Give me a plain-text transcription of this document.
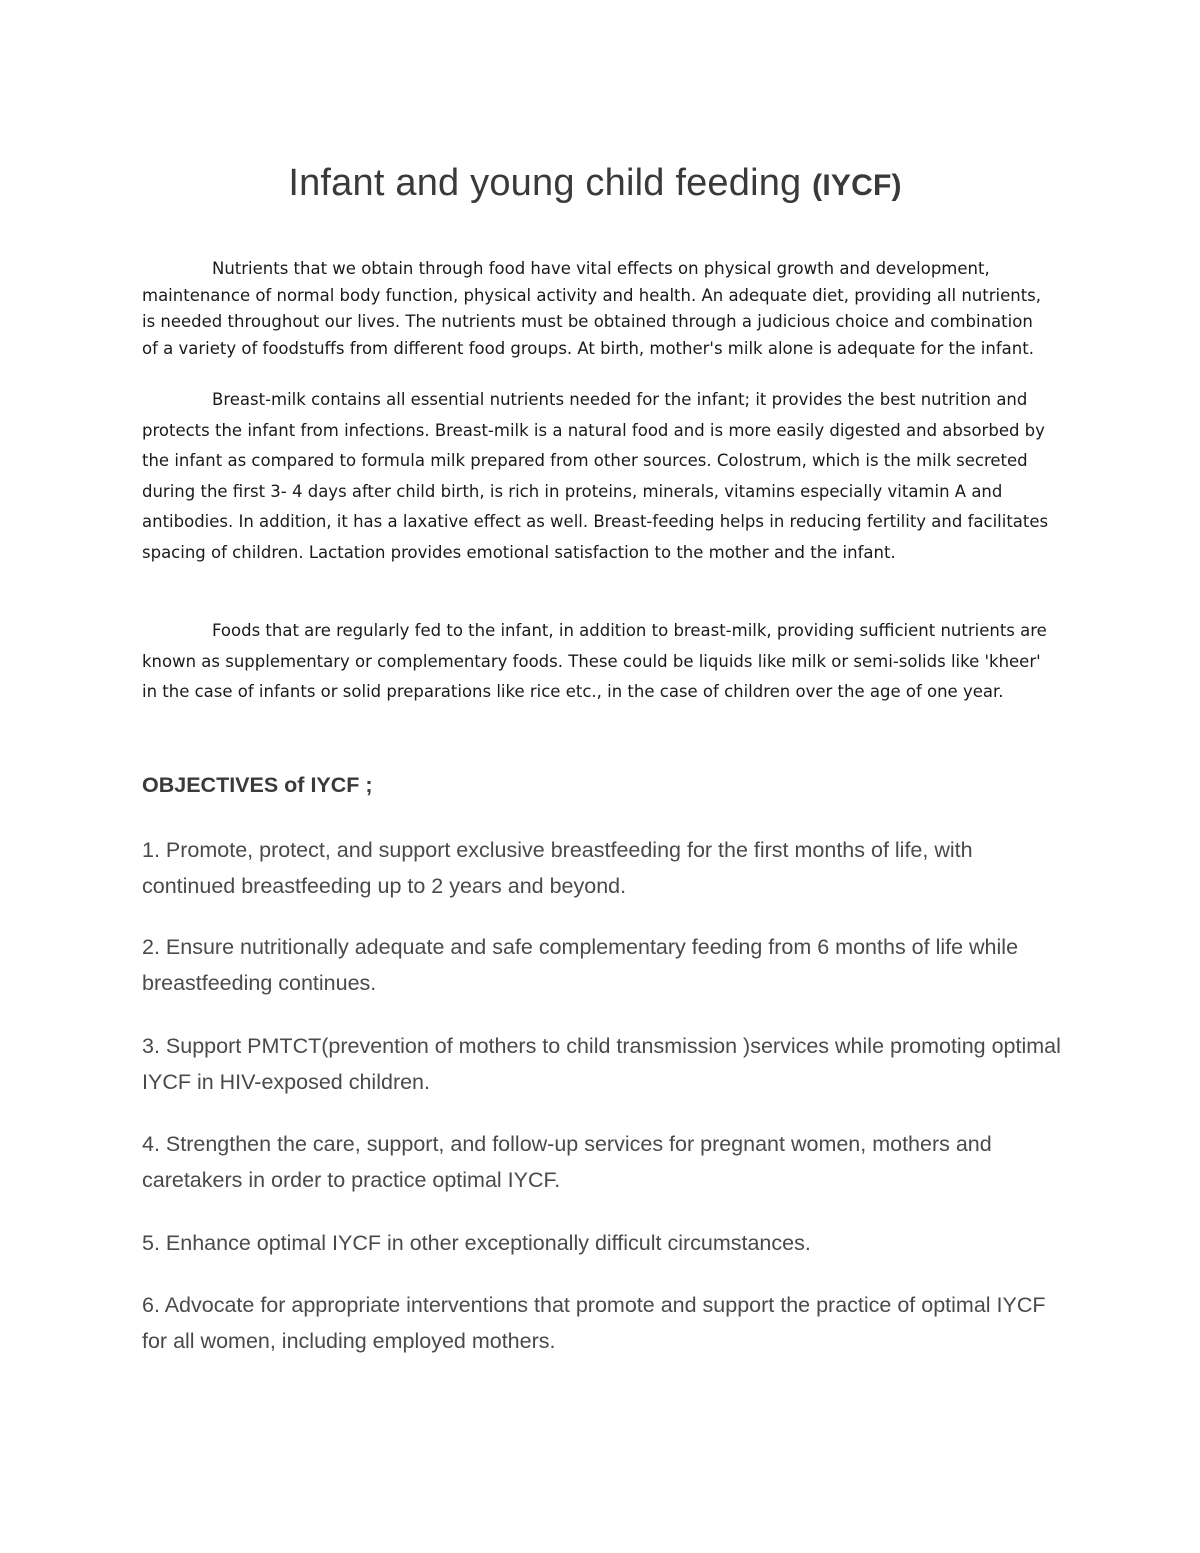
Infant and young child feeding (IYCF)

Nutrients that we obtain through food have vital effects on physical growth and development, maintenance of normal body function, physical activity and health. An adequate diet, providing all nutrients, is needed throughout our lives. The nutrients must be obtained through a judicious choice and combination of a variety of foodstuffs from different food groups. At birth, mother's milk alone is adequate for the infant.

Breast-milk contains all essential nutrients needed for the infant; it provides the best nutrition and protects the infant from infections. Breast-milk is a natural food and is more easily digested and absorbed by the infant as compared to formula milk prepared from other sources. Colostrum, which is the milk secreted during the first 3- 4 days after child birth, is rich in proteins, minerals, vitamins especially vitamin A and antibodies. In addition, it has a laxative effect as well. Breast-feeding helps in reducing fertility and facilitates spacing of children. Lactation provides emotional satisfaction to the mother and the infant.

Foods that are regularly fed to the infant, in addition to breast-milk, providing sufficient nutrients are known as supplementary or complementary foods. These could be liquids like milk or semi-solids like 'kheer' in the case of infants or solid preparations like rice etc., in the case of children over the age of one year.

OBJECTIVES of IYCF ;

1. Promote, protect, and support exclusive breastfeeding for the first months of life, with continued breastfeeding up to 2 years and beyond.

2. Ensure nutritionally adequate and safe complementary feeding from 6 months of life while breastfeeding continues.

3. Support PMTCT(prevention of mothers to child transmission )services while promoting optimal IYCF in HIV-exposed children.

4. Strengthen the care, support, and follow-up services for pregnant women, mothers and caretakers in order to practice optimal IYCF.

5. Enhance optimal IYCF in other exceptionally difficult circumstances.

6. Advocate for appropriate interventions that promote and support the practice of optimal IYCF for all women, including employed mothers.
